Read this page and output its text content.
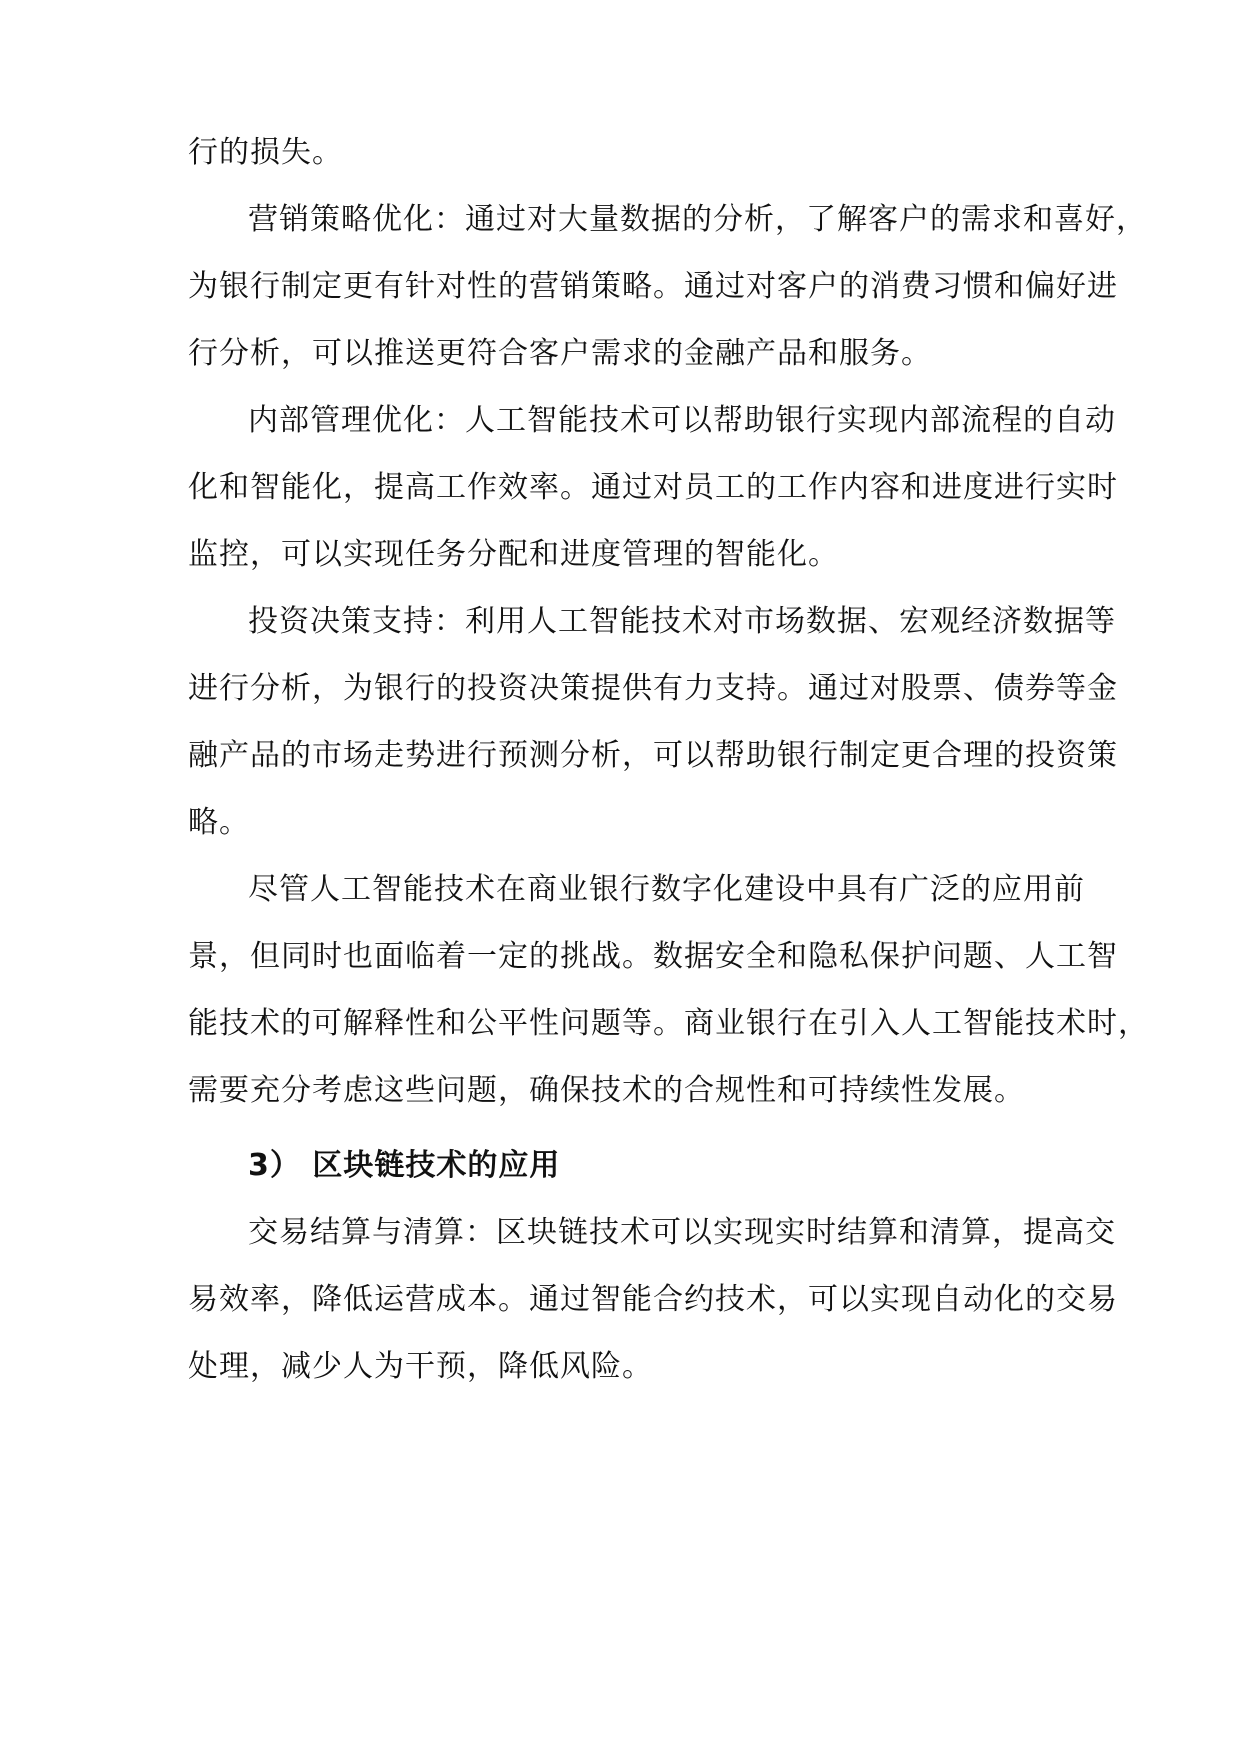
行的损失。
营销策略优化：通过对大量数据的分析，了解客户的需求和喜好，
为银行制定更有针对性的营销策略。通过对客户的消费习惯和偏好进
行分析，可以推送更符合客户需求的金融产品和服务。
内部管理优化：人工智能技术可以帮助银行实现内部流程的自动
化和智能化，提高工作效率。通过对员工的工作内容和进度进行实时
监控，可以实现任务分配和进度管理的智能化。
投资决策支持：利用人工智能技术对市场数据、宏观经济数据等
进行分析，为银行的投资决策提供有力支持。通过对股票、债券等金
融产品的市场走势进行预测分析，可以帮助银行制定更合理的投资策
略。
尽管人工智能技术在商业银行数字化建设中具有广泛的应用前
景，但同时也面临着一定的挑战。数据安全和隐私保护问题、人工智
能技术的可解释性和公平性问题等。商业银行在引入人工智能技术时，
需要充分考虑这些问题，确保技术的合规性和可持续性发展。
3） 区块链技术的应用
交易结算与清算：区块链技术可以实现实时结算和清算，提高交
易效率，降低运营成本。通过智能合约技术，可以实现自动化的交易
处理，减少人为干预，降低风险。
